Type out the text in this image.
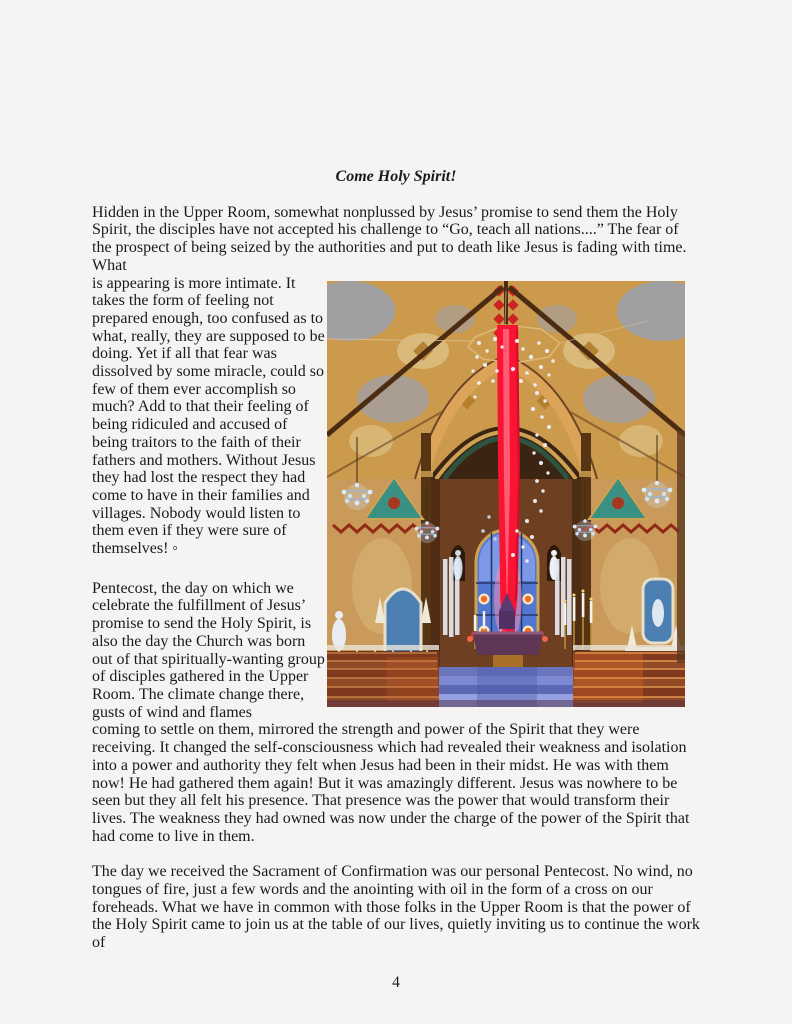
Come Holy Spirit!

Hidden in the Upper Room, somewhat nonplussed by Jesus’ promise to send them the Holy Spirit, the disciples have not accepted his challenge to “Go, teach all nations....” The fear of the prospect of being seized by the authorities and put to death like Jesus is fading with time. What

is appearing is more intimate. It takes the form of feeling not prepared enough, too confused as to what, really, they are supposed to be doing. Yet if all that fear was dissolved by some miracle, could so few of them ever accomplish so much? Add to that their feeling of being ridiculed and accused of being traitors to the faith of their fathers and mothers. Without Jesus they had lost the respect they had come to have in their families and villages. Nobody would listen to them even if they were sure of themselves! ◦

Pentecost, the day on which we celebrate the fulfillment of Jesus’ promise to send the Holy Spirit, is also the day the Church was born out of that spiritually-wanting group of disciples gathered in the Upper Room. The climate change there, gusts of wind and flames

coming to settle on them, mirrored the strength and power of the Spirit that they were receiving. It changed the self-consciousness which had revealed their weakness and isolation into a power and authority they felt when Jesus had been in their midst. He was with them now! He had gathered them again! But it was amazingly different. Jesus was nowhere to be seen but they all felt his presence. That presence was the power that would transform their lives. The weakness they had owned was now under the charge of the power of the Spirit that had come to live in them.

The day we received the Sacrament of Confirmation was our personal Pentecost. No wind, no tongues of fire, just a few words and the anointing with oil in the form of a cross on our foreheads. What we have in common with those folks in the Upper Room is that the power of the Holy Spirit came to join us at the table of our lives, quietly inviting us to continue the work of

4
